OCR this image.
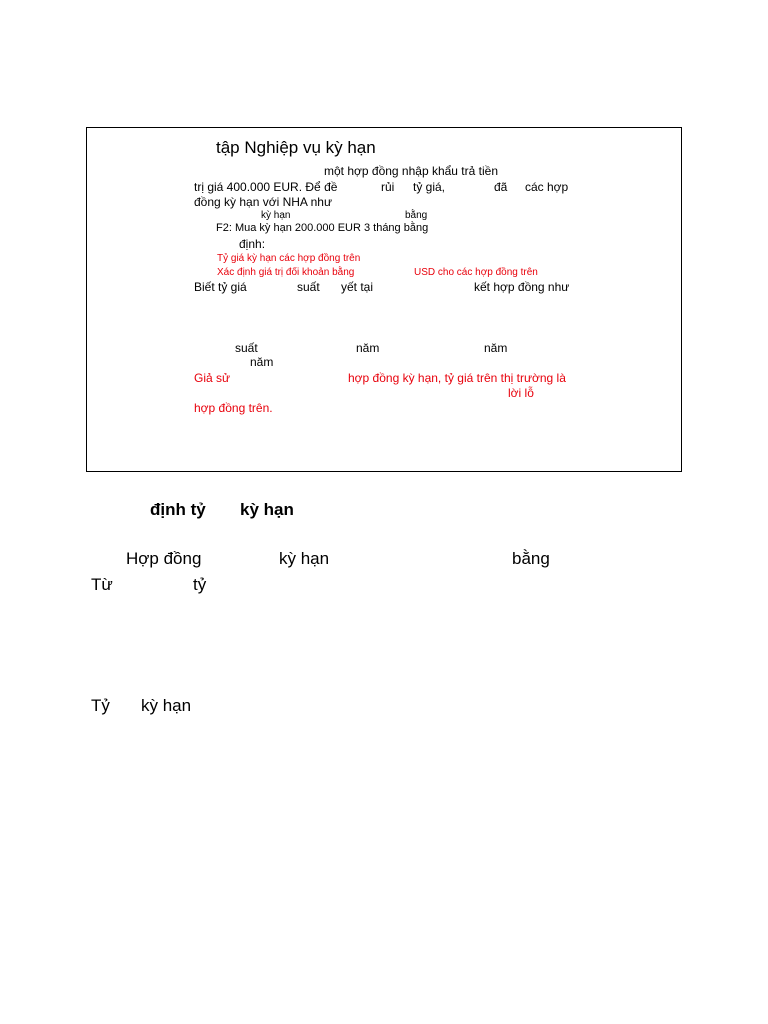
tập Nghiệp vụ kỳ hạn
một hợp đồng nhập khẩu trả tiền
trị giá 400.000 EUR. Để đề	rủi tỷ giá,	đã các hợp
đồng kỳ hạn với NHA như
kỳ hạn	bằng
F2: Mua kỳ hạn 200.000 EUR 3 tháng bằng
định:
Tỷ giá kỳ hạn các hợp đồng trên
Xác định giá trị đối khoản bằng	USD cho các hợp đồng trên
Biết tỷ giá	suất yết tại	kết hợp đồng như
suất	năm	năm
năm
Giả sử	hợp đồng kỳ hạn, tỷ giá trên thị trường là
lời lỗ
hợp đồng trên.
định tỷ kỳ hạn
Hợp đồng	kỳ hạn	bằng
Từ	tỷ
Tỷ kỳ hạn
